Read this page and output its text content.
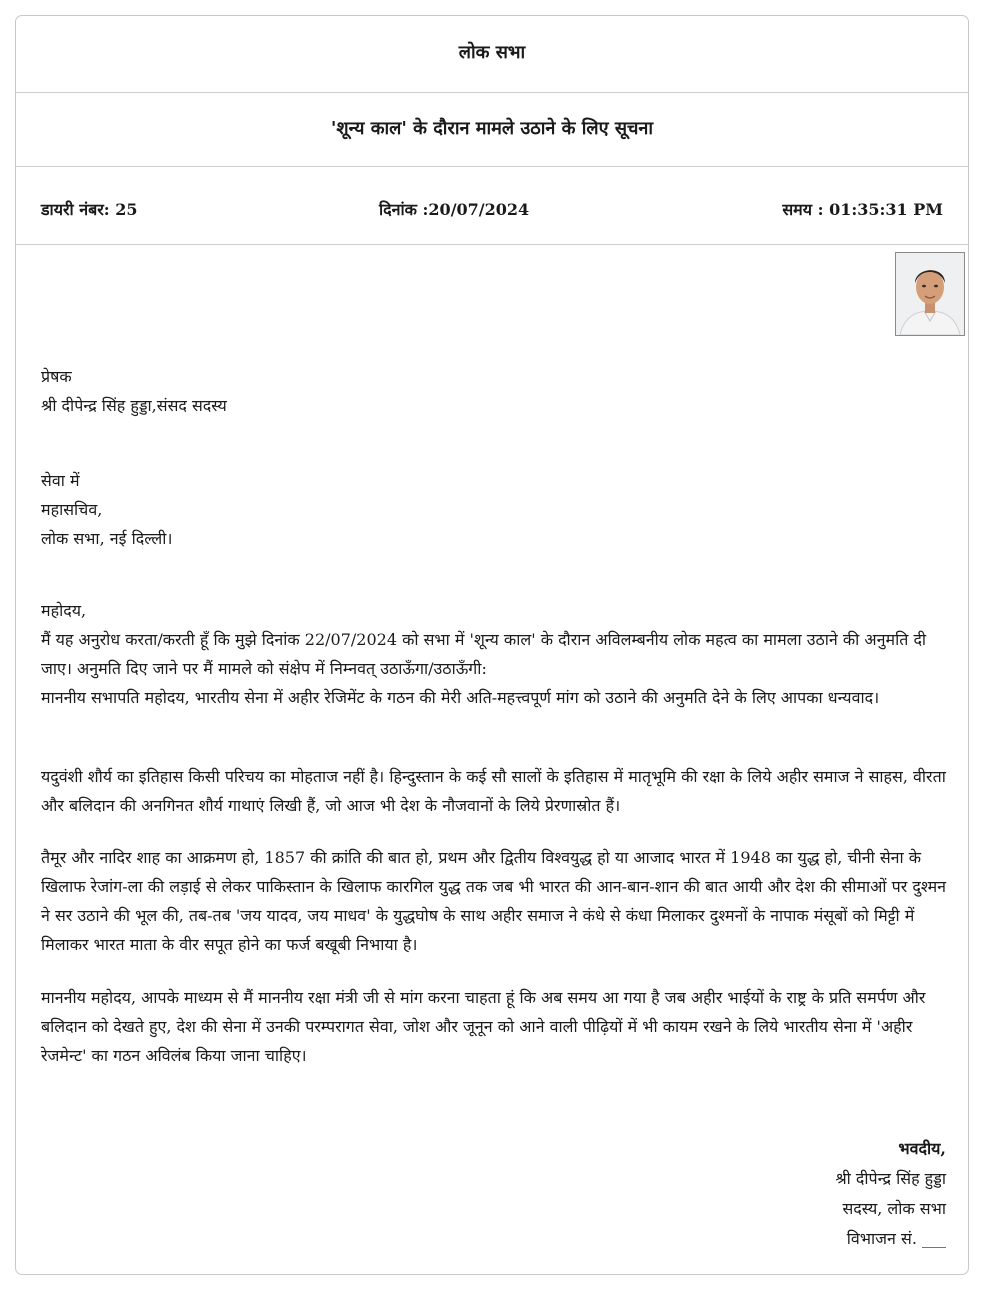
लोक सभा
'शून्य काल' के दौरान मामले उठाने के लिए सूचना
डायरी नंबर: 25	दिनांक :20/07/2024	समय : 01:35:31 PM
प्रेषक
श्री दीपेन्द्र सिंह हुड्डा,संसद सदस्य
सेवा में
महासचिव,
लोक सभा, नई दिल्ली।
महोदय,
मैं यह अनुरोध करता/करती हूँ कि मुझे दिनांक 22/07/2024 को सभा में 'शून्य काल' के दौरान अविलम्बनीय लोक महत्व का मामला उठाने की अनुमति दी जाए। अनुमति दिए जाने पर मैं मामले को संक्षेप में निम्नवत् उठाऊँगा/उठाऊँगी:
माननीय सभापति महोदय, भारतीय सेना में अहीर रेजिमेंट के गठन की मेरी अति-महत्त्वपूर्ण मांग को उठाने की अनुमति देने के लिए आपका धन्यवाद।
यदुवंशी शौर्य का इतिहास किसी परिचय का मोहताज नहीं है। हिन्दुस्तान के कई सौ सालों के इतिहास में मातृभूमि की रक्षा के लिये अहीर समाज ने साहस, वीरता और बलिदान की अनगिनत शौर्य गाथाएं लिखी हैं, जो आज भी देश के नौजवानों के लिये प्रेरणास्रोत हैं।
तैमूर और नादिर शाह का आक्रमण हो, 1857 की क्रांति की बात हो, प्रथम और द्वितीय विश्वयुद्ध हो या आजाद भारत में 1948 का युद्ध हो, चीनी सेना के खिलाफ रेजांग-ला की लड़ाई से लेकर पाकिस्तान के खिलाफ कारगिल युद्ध तक जब भी भारत की आन-बान-शान की बात आयी और देश की सीमाओं पर दुश्मन ने सर उठाने की भूल की, तब-तब 'जय यादव, जय माधव' के युद्धघोष के साथ अहीर समाज ने कंधे से कंधा मिलाकर दुश्मनों के नापाक मंसूबों को मिट्टी में मिलाकर भारत माता के वीर सपूत होने का फर्ज बखूबी निभाया है।
माननीय महोदय, आपके माध्यम से मैं माननीय रक्षा मंत्री जी से मांग करना चाहता हूं कि अब समय आ गया है जब अहीर भाईयों के राष्ट्र के प्रति समर्पण और बलिदान को देखते हुए, देश की सेना में उनकी परम्परागत सेवा, जोश और जूनून को आने वाली पीढ़ियों में भी कायम रखने के लिये भारतीय सेना में 'अहीर रेजमेन्ट' का गठन अविलंब किया जाना चाहिए।
भवदीय,
श्री दीपेन्द्र सिंह हुड्डा
सदस्य, लोक सभा
विभाजन सं. ___
